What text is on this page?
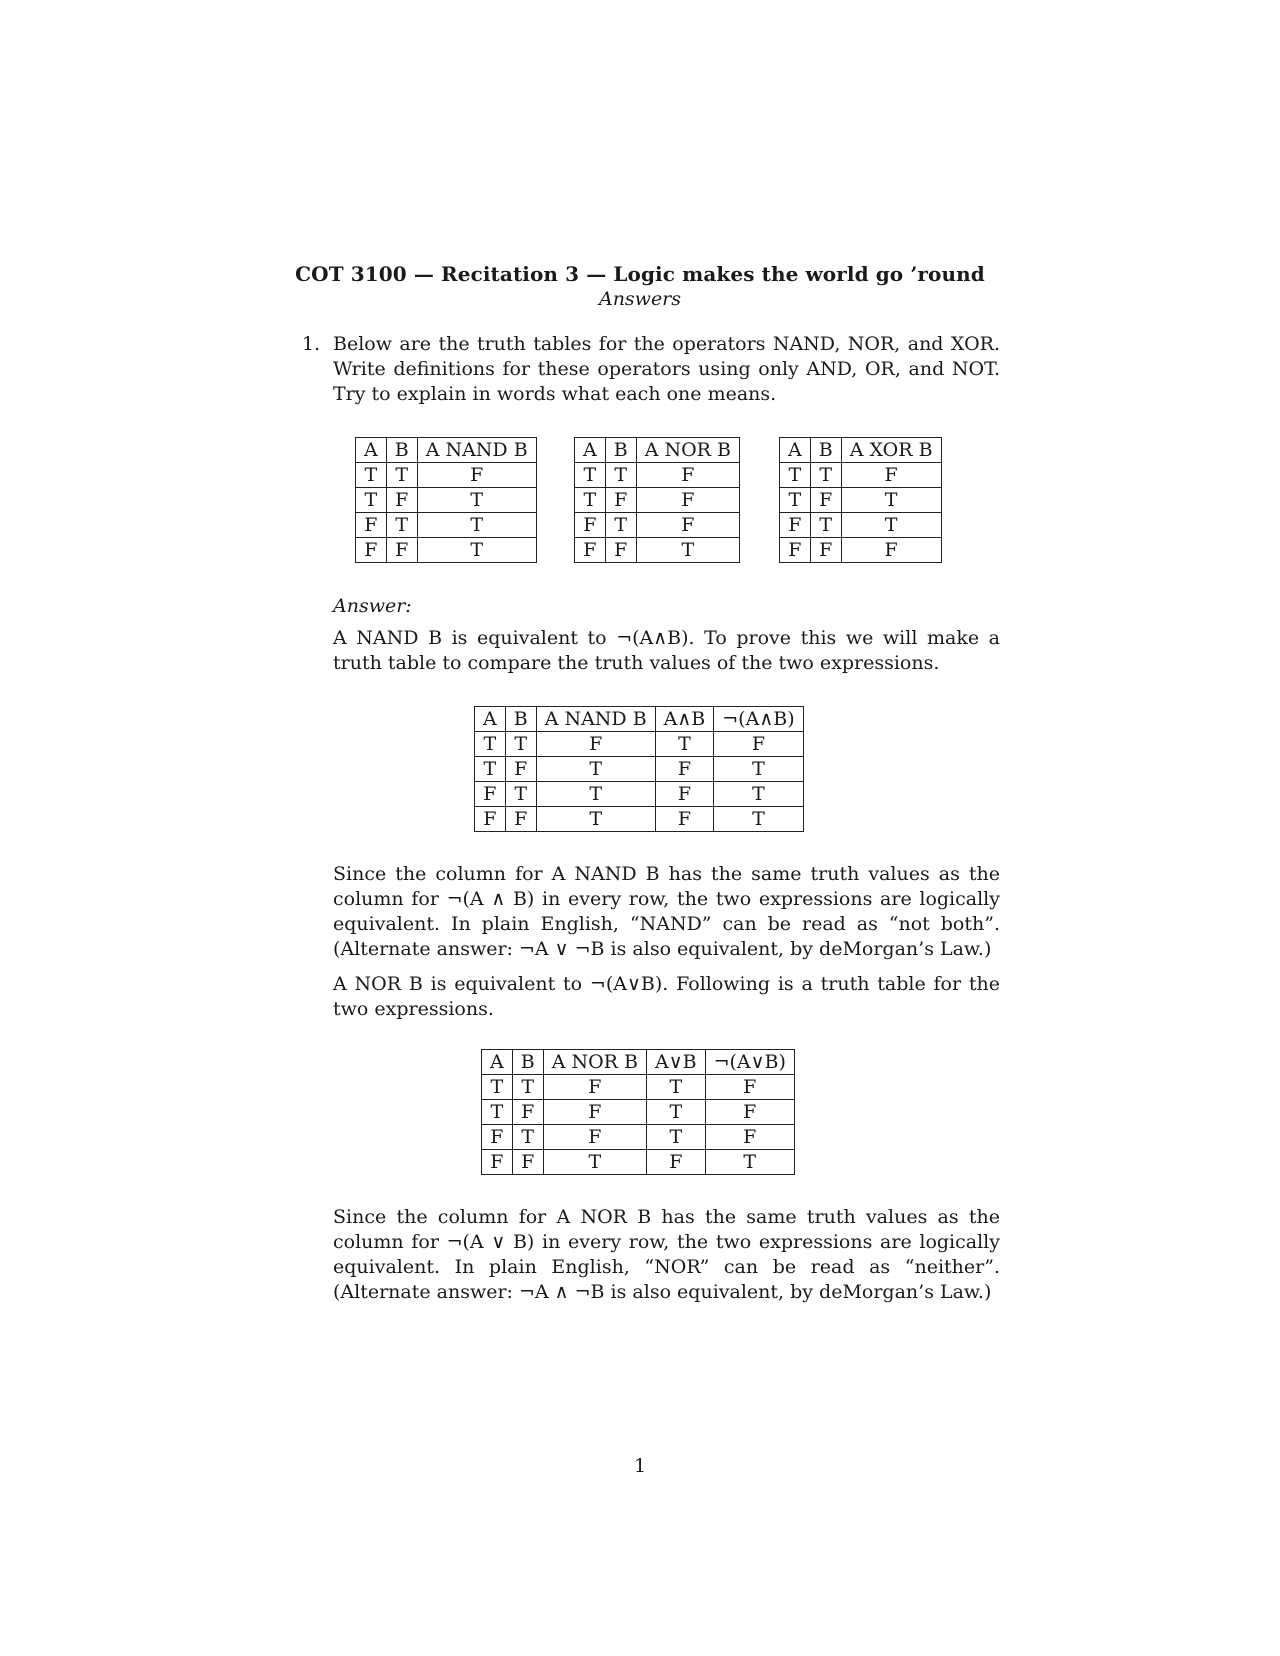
COT 3100 — Recitation 3 — Logic makes the world go ’round
Answers
1. Below are the truth tables for the operators NAND, NOR, and XOR. Write definitions for these operators using only AND, OR, and NOT. Try to explain in words what each one means.
A	B	A NAND B
T	T	F
T	F	T
F	T	T
F	F	T
A	B	A NOR B
T	T	F
T	F	F
F	T	F
F	F	T
A	B	A XOR B
T	T	F
T	F	T
F	T	T
F	F	F
Answer:
A NAND B is equivalent to ¬(A∧B). To prove this we will make a truth table to compare the truth values of the two expressions.
A	B	A NAND B	A∧B	¬(A∧B)
T	T	F	T	F
T	F	T	F	T
F	T	T	F	T
F	F	T	F	T
Since the column for A NAND B has the same truth values as the column for ¬(A ∧ B) in every row, the two expressions are logically equivalent. In plain English, “NAND” can be read as “not both”. (Alternate answer: ¬A ∨ ¬B is also equivalent, by deMorgan’s Law.)
A NOR B is equivalent to ¬(A∨B). Following is a truth table for the two expressions.
A	B	A NOR B	A∨B	¬(A∨B)
T	T	F	T	F
T	F	F	T	F
F	T	F	T	F
F	F	T	F	T
Since the column for A NOR B has the same truth values as the column for ¬(A ∨ B) in every row, the two expressions are logically equivalent. In plain English, “NOR” can be read as “neither”. (Alternate answer: ¬A ∧ ¬B is also equivalent, by deMorgan’s Law.)
1
